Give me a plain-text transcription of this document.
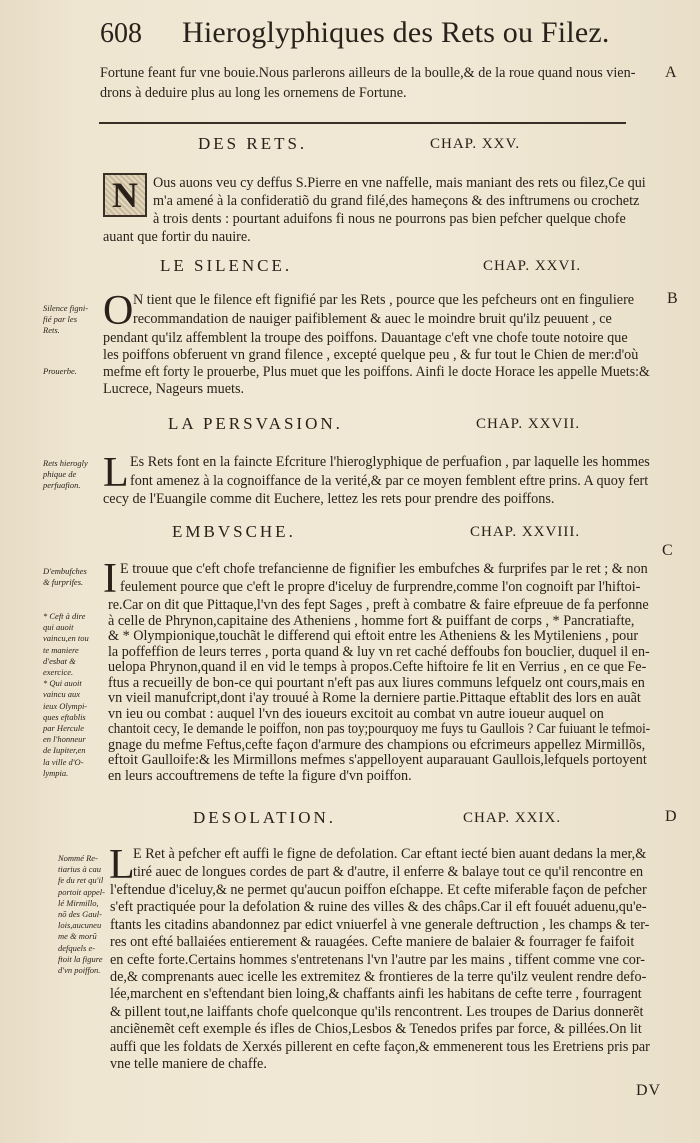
608 Hieroglyphiques des Rets ou Filez.
Fortune feant fur vne bouie.Nous parlerons ailleurs de la boulle,& de la roue quand nous vien-
drons à deduire plus au long les ornemens de Fortune.
A
DES RETS.	CHAP. XXV.
N	Ous auons veu cy deffus S.Pierre en vne naffelle, mais maniant des rets ou filez,Ce qui
m'a amené à la confideratiõ du grand filé,des hameçons & des inftrumens ou crochetz
à trois dents : pourtant aduifons fi nous ne pourrons pas bien pefcher quelque chofe
auant que fortir du nauire.
LE SILENCE.	CHAP. XXVI.
B
Silence figni-
fié par les
Rets.
Prouerbe.
O N tient que le filence eft fignifié par les Rets , pource que les pefcheurs ont en finguliere
recommandation de nauiger paifiblement & auec le moindre bruit qu'ilz peuuent , ce
pendant qu'ilz affemblent la troupe des poiffons. Dauantage c'eft vne chofe toute notoire que
les poiffons obferuent vn grand filence , excepté quelque peu , & fur tout le Chien de mer:d'où
mefme eft forty le prouerbe, Plus muet que les poiffons. Ainfi le docte Horace les appelle Muets:&
Lucrece, Nageurs muets.
LA PERSVASION.	CHAP. XXVII.
Rets hierogly
phique de
perfuafion. L Es Rets font en la faincte Efcriture l'hieroglyphique de perfuafion , par laquelle les hommes
font amenez à la cognoiffance de la verité,& par ce moyen femblent eftre prins. A quoy fert
cecy de l'Euangile comme dit Euchere, lettez les rets pour prendre des poiffons.
EMBVSCHE.	CHAP. XXVIII.
C
D'embufches
& furprifes.
* Ceft à dire
qui auoit
vaincu,en tou
te maniere
d'esbat &
exercice.
* Qui auoit
vaincu aux
ieux Olympi-
ques eftablis
par Hercule
en l'honneur
de Iupiter,en
la ville d'O-
lympia.
I E trouue que c'eft chofe trefancienne de fignifier les embufches & furprifes par le ret ; & non
feulement pource que c'eft le propre d'iceluy de furprendre,comme l'on cognoift par l'hiftoi-
re.Car on dit que Pittaque,l'vn des fept Sages , preft à combatre & faire efpreuue de fa perfonne
à celle de Phrynon,capitaine des Atheniens , homme fort & puiffant de corps , * Pancratiafte,
& * Olympionique,touchãt le differend qui eftoit entre les Atheniens & les Mytileniens , pour
la poffeffion de leurs terres , porta quand & luy vn ret caché deffoubs fon bouclier, duquel il en-
uelopa Phrynon,quand il en vid le temps à propos.Cefte hiftoire fe lit en Verrius , en ce que Fe-
ftus a recueilly de bon-ce qui pourtant n'eft pas aux liures communs lefquelz ont cours,mais en
vn vieil manufcript,dont i'ay trouué à Rome la derniere partie.Pittaque eftablit des lors en auãt
vn ieu ou combat : auquel l'vn des ioueurs excitoit au combat vn autre ioueur auquel on
chantoit cecy, Ie demande le poiffon, non pas toy;pourquoy me fuys tu Gaullois ? Car fuiuant le tefmoi-
gnage du mefme Feftus,cefte façon d'armure des champions ou efcrimeurs appellez Mirmillõs,
eftoit Gaulloife:& les Mirmillons mefmes s'appelloyent auparauant Gaullois,lefquels portoyent
en leurs accouftremens de tefte la figure d'vn poiffon.
DESOLATION.	CHAP. XXIX.	D
Nommé Re-
tiarius à cau
fe du ret qu'il
portoit appel-
lé Mirmillo,
nõ des Gaul-
lois,aucuneu
me & morũ
defquels e-
ftoit la figure
d'vn poiffon.
L
E Ret à pefcher eft auffi le figne de defolation. Car eftant iecté bien auant dedans la mer,&
tiré auec de longues cordes de part & d'autre, il enferre & balaye tout ce qu'il rencontre en
l'eftendue d'iceluy,& ne permet qu'aucun poiffon eſchappe. Et cefte miferable façon de pefcher
s'eft practiquée pour la defolation & ruine des villes & des châps.Car il eft fouuét aduenu,qu'e-
ftants les citadins abandonnez par edict vniuerfel à vne generale deftruction , les champs & ter-
res ont efté ballaiées entierement & rauagées. Cefte maniere de balaier & fourrager fe faifoit
en cefte forte.Certains hommes s'entretenans l'vn l'autre par les mains , tiffent comme vne cor-
de,& comprenants auec icelle les extremitez & frontieres de la terre qu'ilz veulent rendre defo-
lée,marchent en s'eftendant bien loing,& chaffants ainfi les habitans de cefte terre , fourragent
& pillent tout,ne laiffants chofe quelconque qu'ils rencontrent. Les troupes de Darius donnerẽt
anciẽnemẽt ceft exemple és ifles de Chios,Lesbos & Tenedos prifes par force, & pillées.On lit
auffi que les foldats de Xerxés pillerent en cefte façon,& emmenerent tous les Eretriens pris par
vne telle maniere de chaffe.
DV
